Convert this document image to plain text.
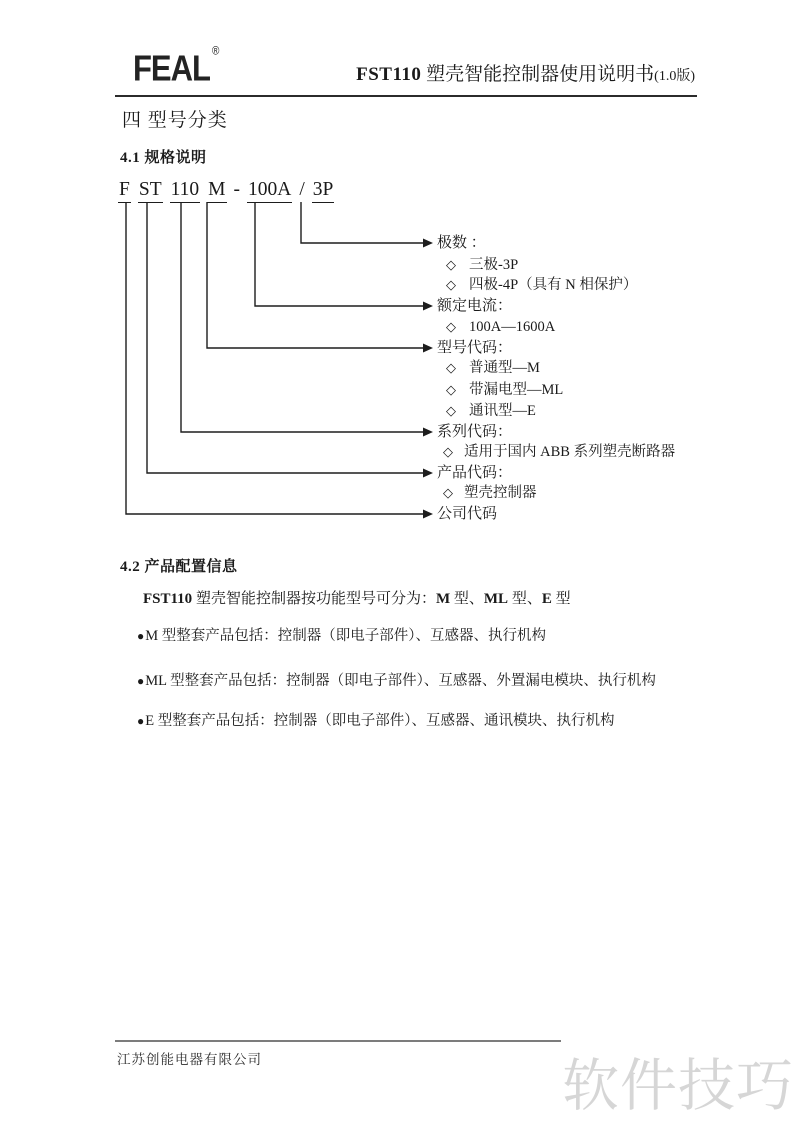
FEAL ®
FST110 塑壳智能控制器使用说明书(1.0版)
四 型号分类
4.1 规格说明
F ST 110 M - 100A / 3P
极数 ：
◇ 三极-3P
◇ 四极-4P（具有 N 相保护）
额定电流：
◇ 100A—1600A
型号代码：
◇ 普通型—M
◇ 带漏电型—ML
◇ 通讯型—E
系列代码：
◇ 适用于国内 ABB 系列塑壳断路器
产品代码：
◇ 塑壳控制器
公司代码
4.2 产品配置信息
FST110 塑壳智能控制器按功能型号可分为：M 型、ML 型、E 型
● M 型整套产品包括：控制器（即电子部件）、互感器、执行机构
● ML 型整套产品包括：控制器（即电子部件）、互感器、外置漏电模块、执行机构
● E 型整套产品包括：控制器（即电子部件）、互感器、通讯模块、执行机构
江苏创能电器有限公司	软件技巧
